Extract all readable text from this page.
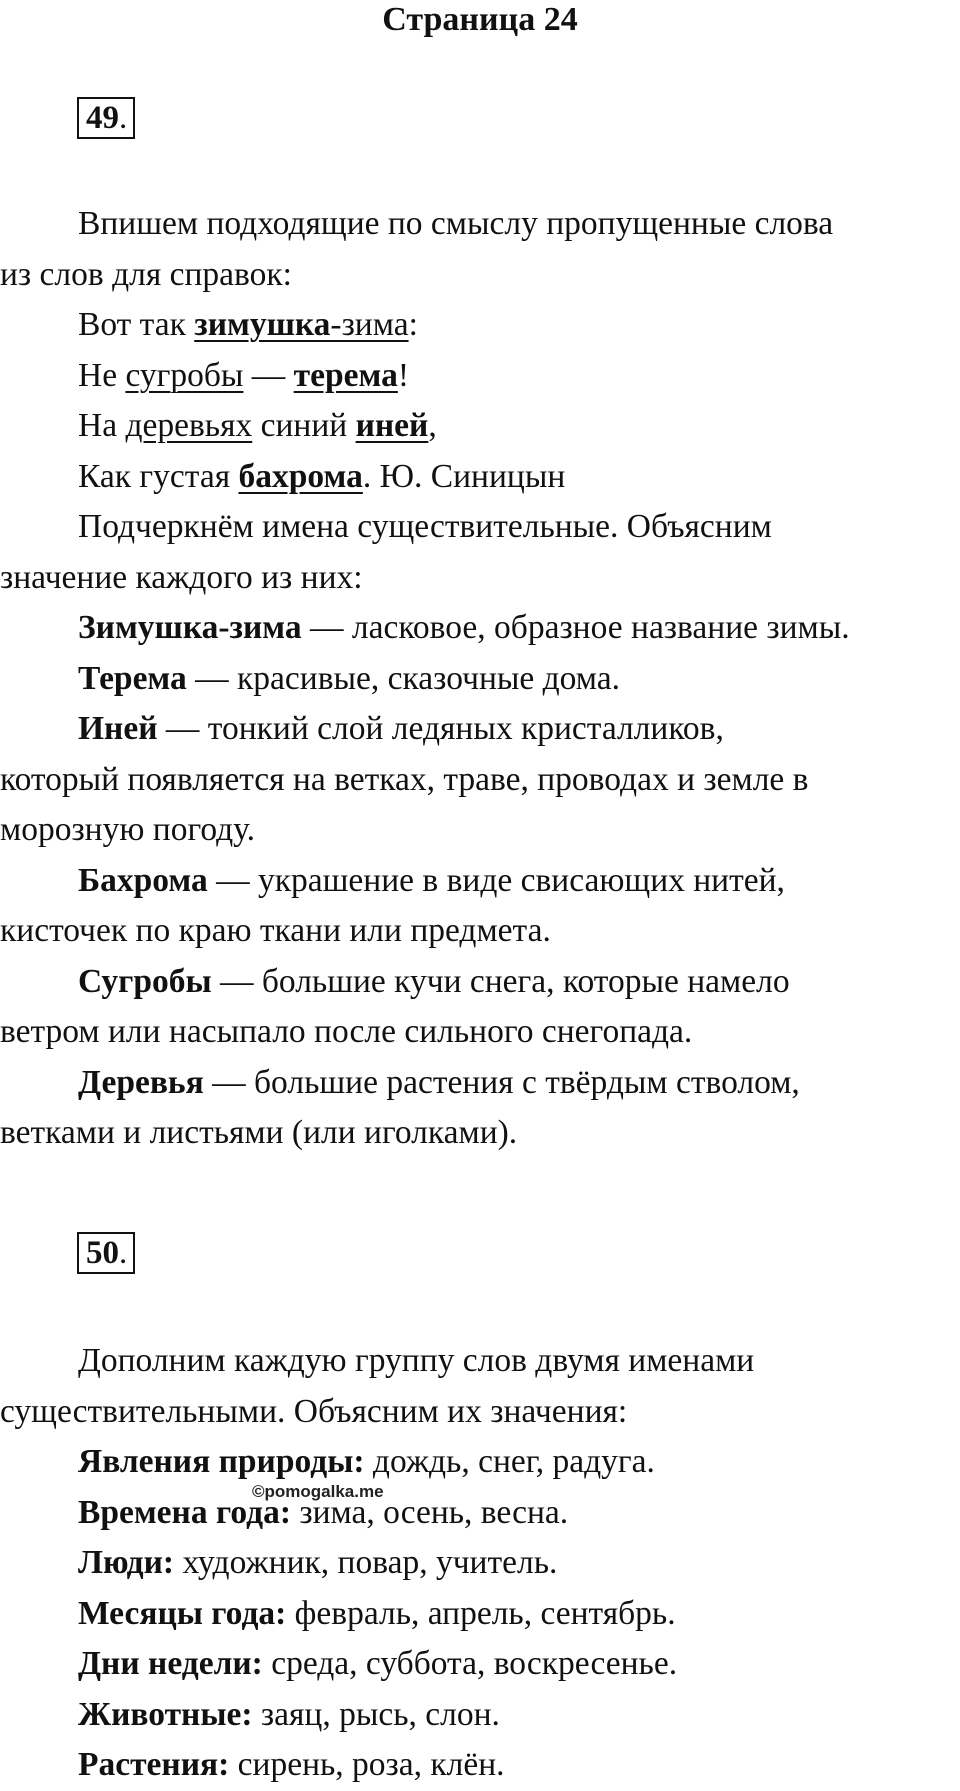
Страница 24
49.
Впишем подходящие по смыслу пропущенные слова
из слов для справок:
Вот так зимушка-зима:
Не сугробы — терема!
На деревьях синий иней,
Как густая бахрома. Ю. Синицын
Подчеркнём имена существительные. Объясним
значение каждого из них:
Зимушка-зима — ласковое, образное название зимы.
Терема — красивые, сказочные дома.
Иней — тонкий слой ледяных кристалликов,
который появляется на ветках, траве, проводах и земле в
морозную погоду.
Бахрома — украшение в виде свисающих нитей,
кисточек по краю ткани или предмета.
Сугробы — большие кучи снега, которые намело
ветром или насыпало после сильного снегопада.
Деревья — большие растения с твёрдым стволом,
ветками и листьями (или иголками).
50.
Дополним каждую группу слов двумя именами
существительными. Объясним их значения:
Явления природы: дождь, снег, радуга.
Времена года: зима, осень, весна.
Люди: художник, повар, учитель.
Месяцы года: февраль, апрель, сентябрь.
Дни недели: среда, суббота, воскресенье.
Животные: заяц, рысь, слон.
Растения: сирень, роза, клён.
©pomogalka.me
